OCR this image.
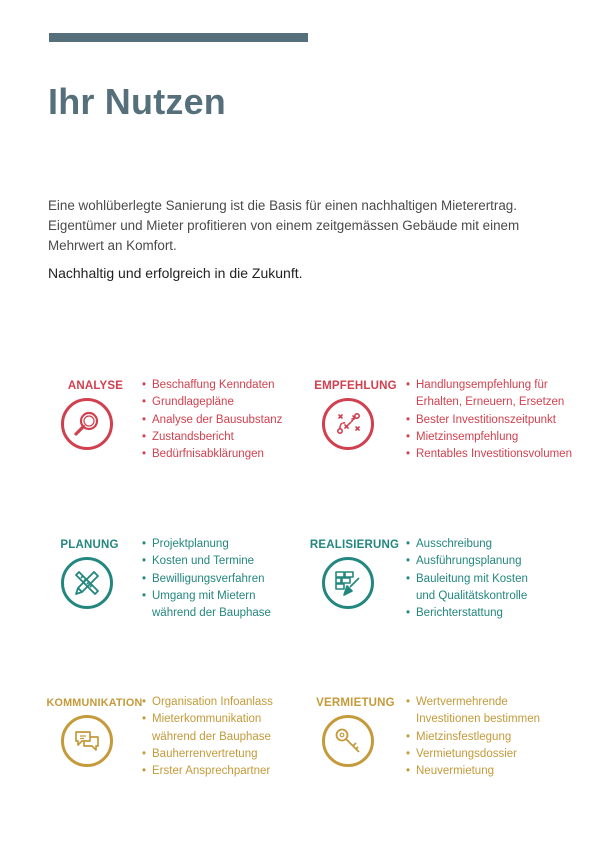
Ihr Nutzen

Eine wohlüberlegte Sanierung ist die Basis für einen nachhaltigen Mieterertrag. Eigentümer und Mieter profitieren von einem zeitgemässen Gebäude mit einem Mehrwert an Komfort.

Nachhaltig und erfolgreich in die Zukunft.

ANALYSE	• Beschaffung Kenndaten
• Grundlagepläne
• Analyse der Bausubstanz
• Zustandsbericht
• Bedürfnisabklärungen
EMPFEHLUNG	• Handlungsempfehlung für
Erhalten, Erneuern, Ersetzen
• Bester Investitionszeitpunkt
• Mietzinsempfehlung
• Rentables Investitionsvolumen
PLANUNG	• Projektplanung
• Kosten und Termine
• Bewilligungsverfahren
• Umgang mit Mietern
während der Bauphase
REALISIERUNG	• Ausschreibung
• Ausführungsplanung
• Bauleitung mit Kosten
und Qualitätskontrolle
• Berichterstattung
KOMMUNIKATION • Organisation Infoanlass
• Mieterkommunikation
während der Bauphase
• Bauherrenvertretung
• Erster Ansprechpartner
VERMIETUNG	• Wertvermehrende
Investitionen bestimmen
• Mietzinsfestlegung
• Vermietungsdossier
• Neuvermietung
